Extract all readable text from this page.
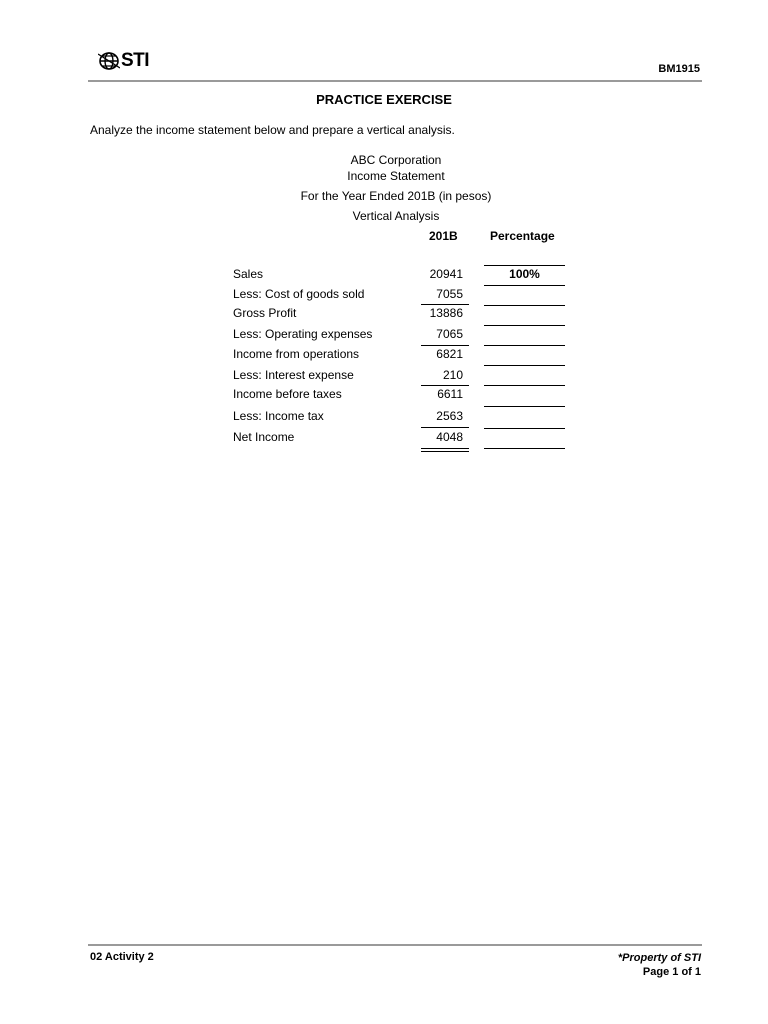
STI	BM1915
PRACTICE EXERCISE
Analyze the income statement below and prepare a vertical analysis.
ABC Corporation
Income Statement
For the Year Ended 201B (in pesos)
Vertical Analysis
201B	Percentage
Sales	20941	100%
Less: Cost of goods sold	7055
Gross Profit	13886
Less: Operating expenses	7065
Income from operations	6821
Less: Interest expense	210
Income before taxes	6611
Less: Income tax	2563
Net Income	4048
02 Activity 2	*Property of STI
Page 1 of 1
